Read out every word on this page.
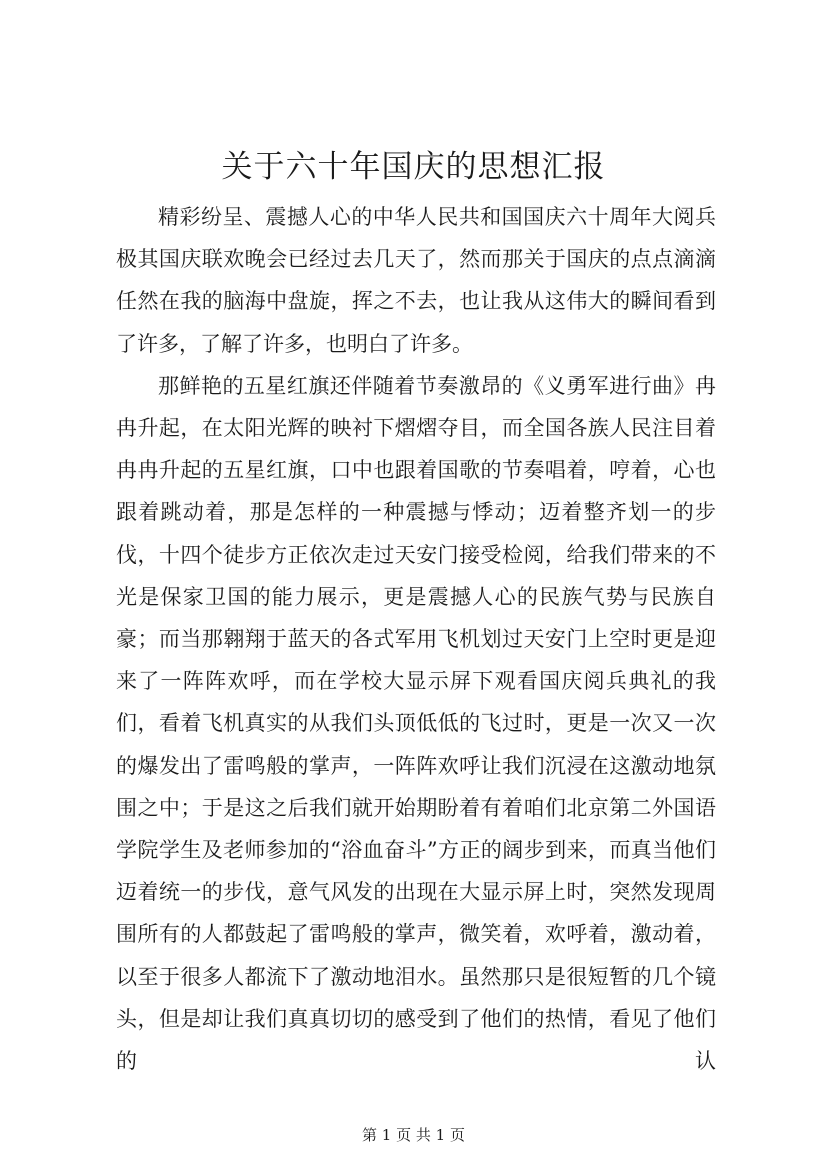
关于六十年国庆的思想汇报

精彩纷呈、震撼人心的中华人民共和国国庆六十周年大阅兵极其国庆联欢晚会已经过去几天了，然而那关于国庆的点点滴滴任然在我的脑海中盘旋，挥之不去，也让我从这伟大的瞬间看到了许多，了解了许多，也明白了许多。

那鲜艳的五星红旗还伴随着节奏激昂的《义勇军进行曲》冉冉升起，在太阳光辉的映衬下熠熠夺目，而全国各族人民注目着冉冉升起的五星红旗，口中也跟着国歌的节奏唱着，哼着，心也跟着跳动着，那是怎样的一种震撼与悸动；迈着整齐划一的步伐，十四个徒步方正依次走过天安门接受检阅，给我们带来的不光是保家卫国的能力展示，更是震撼人心的民族气势与民族自豪；而当那翱翔于蓝天的各式军用飞机划过天安门上空时更是迎来了一阵阵欢呼，而在学校大显示屏下观看国庆阅兵典礼的我们，看着飞机真实的从我们头顶低低的飞过时，更是一次又一次的爆发出了雷鸣般的掌声，一阵阵欢呼让我们沉浸在这激动地氛围之中；于是这之后我们就开始期盼着有着咱们北京第二外国语学院学生及老师参加的“浴血奋斗”方正的阔步到来，而真当他们迈着统一的步伐，意气风发的出现在大显示屏上时，突然发现周围所有的人都鼓起了雷鸣般的掌声，微笑着，欢呼着，激动着，以至于很多人都流下了激动地泪水。虽然那只是很短暂的几个镜头，但是却让我们真真切切的感受到了他们的热情，看见了他们的认

第 1 页 共 1 页
